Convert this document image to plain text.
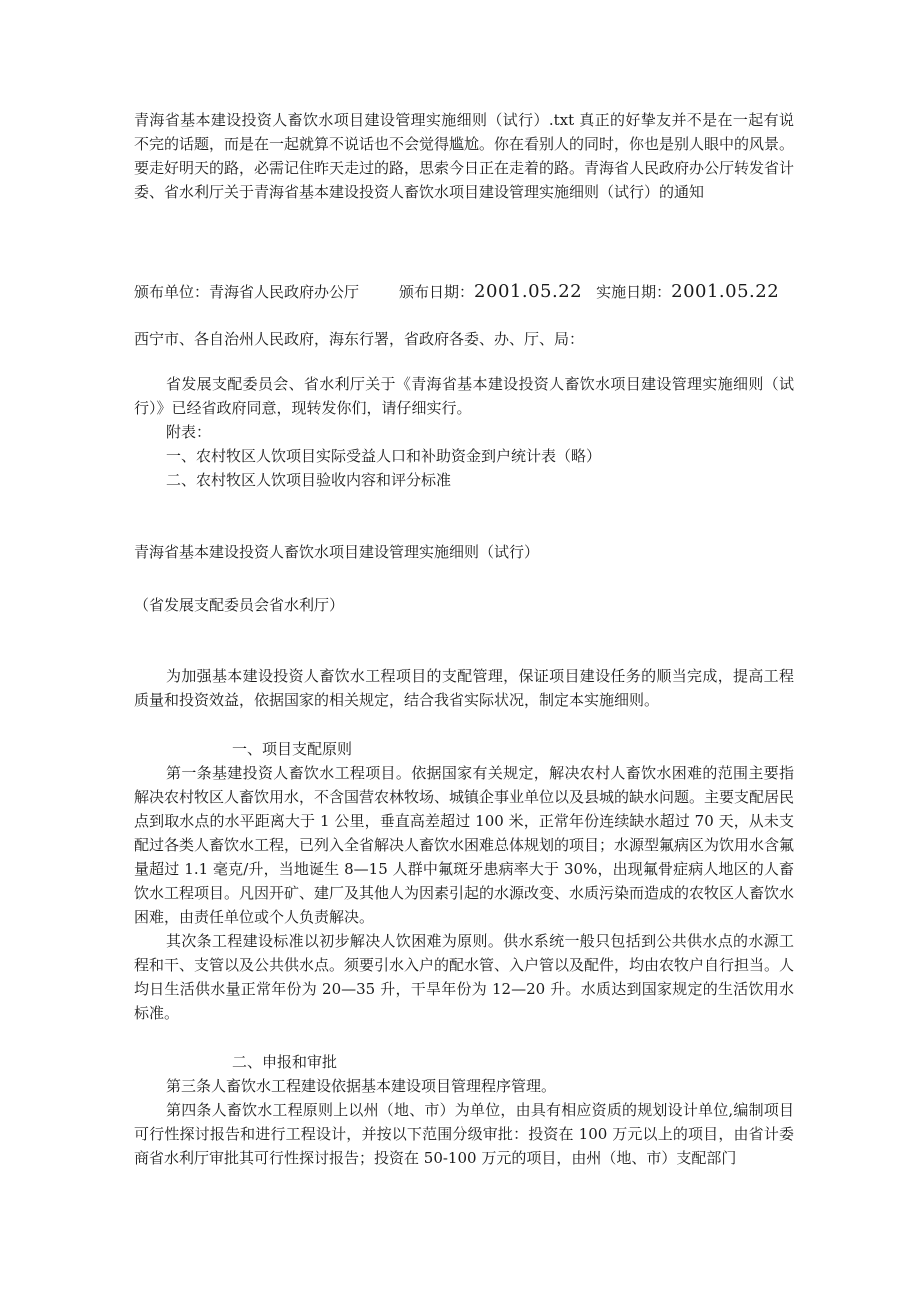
青海省基本建设投资人畜饮水项目建设管理实施细则（试行）.txt 真正的好挚友并不是在一起有说不完的话题，而是在一起就算不说话也不会觉得尴尬。你在看别人的同时，你也是别人眼中的风景。要走好明天的路，必需记住昨天走过的路，思索今日正在走着的路。青海省人民政府办公厅转发省计委、省水利厅关于青海省基本建设投资人畜饮水项目建设管理实施细则（试行）的通知

颁布单位：青海省人民政府办公厅	颁布日期：2001.05.22 实施日期：2001.05.22

西宁市、各自治州人民政府，海东行署，省政府各委、办、厅、局：

省发展支配委员会、省水利厅关于《青海省基本建设投资人畜饮水项目建设管理实施细则（试行）》已经省政府同意，现转发你们，请仔细实行。

附表：

一、农村牧区人饮项目实际受益人口和补助资金到户统计表（略）

二、农村牧区人饮项目验收内容和评分标准

青海省基本建设投资人畜饮水项目建设管理实施细则（试行）

（省发展支配委员会省水利厅）

为加强基本建设投资人畜饮水工程项目的支配管理，保证项目建设任务的顺当完成，提高工程质量和投资效益，依据国家的相关规定，结合我省实际状况，制定本实施细则。

一、项目支配原则

第一条基建投资人畜饮水工程项目。依据国家有关规定，解决农村人畜饮水困难的范围主要指解决农村牧区人畜饮用水，不含国营农林牧场、城镇企事业单位以及县城的缺水问题。主要支配居民点到取水点的水平距离大于 1 公里，垂直高差超过 100 米，正常年份连续缺水超过 70 天，从未支配过各类人畜饮水工程，已列入全省解决人畜饮水困难总体规划的项目；水源型氟病区为饮用水含氟量超过 1.1 毫克/升，当地诞生 8—15 人群中氟斑牙患病率大于 30%，出现氟骨症病人地区的人畜饮水工程项目。凡因开矿、建厂及其他人为因素引起的水源改变、水质污染而造成的农牧区人畜饮水困难，由责任单位或个人负责解决。

其次条工程建设标准以初步解决人饮困难为原则。供水系统一般只包括到公共供水点的水源工程和干、支管以及公共供水点。须要引水入户的配水管、入户管以及配件，均由农牧户自行担当。人均日生活供水量正常年份为 20—35 升，干旱年份为 12—20 升。水质达到国家规定的生活饮用水标准。

二、申报和审批

第三条人畜饮水工程建设依据基本建设项目管理程序管理。

第四条人畜饮水工程原则上以州（地、市）为单位，由具有相应资质的规划设计单位,编制项目可行性探讨报告和进行工程设计，并按以下范围分级审批：投资在 100 万元以上的项目，由省计委商省水利厅审批其可行性探讨报告；投资在 50-100 万元的项目，由州（地、市）支配部门
